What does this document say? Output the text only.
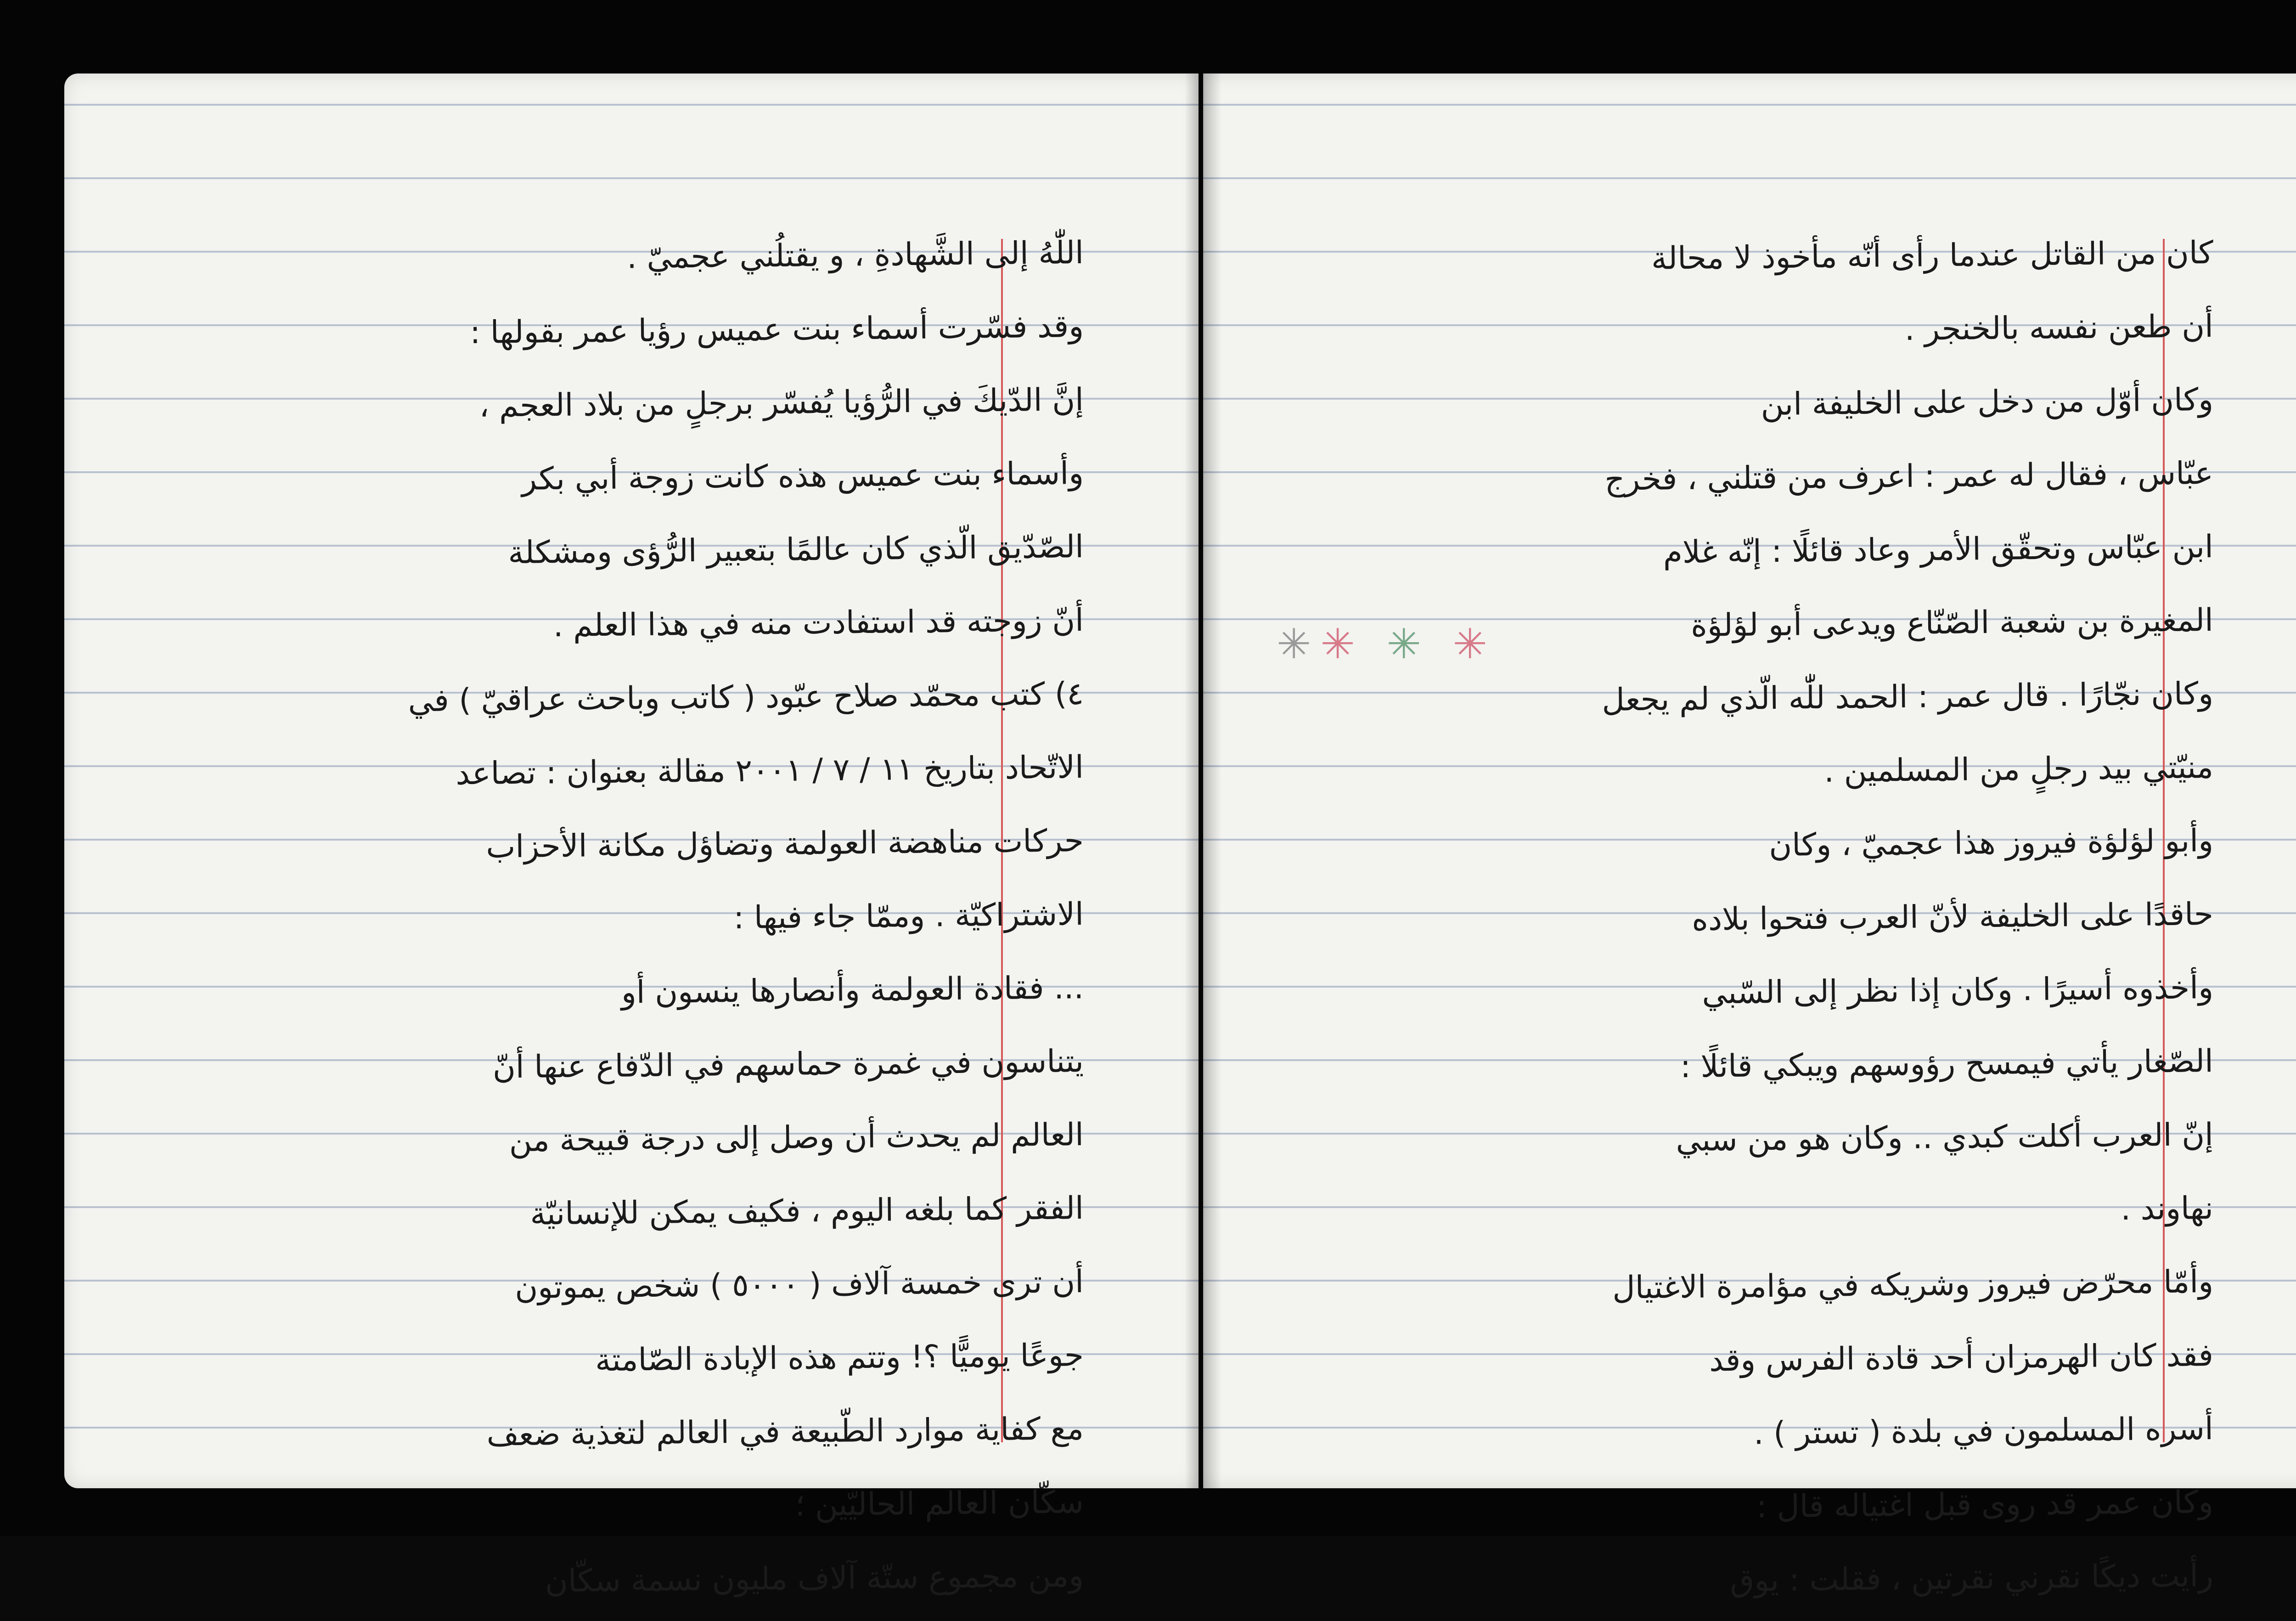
اللّٰهُ إلى الشَّهادةِ ، و يقتلُني عجميّ .
وقد فسّرت أسماء بنت عميس رؤيا عمر بقولها :
إنَّ الدّيكَ في الرُّؤيا يُفسّر برجلٍ من بلاد العجم ،
وأسماء بنت عميس هذه كانت زوجة أبي بكر
الصّدّيق الّذي كان عالمًا بتعبير الرُّؤى ومشكلة
أنّ زوجته قد استفادت منه في هذا العلم .
٤) كتب محمّد صلاح عبّود ( كاتب وباحث عراقيّ ) في
الاتّحاد بتاريخ ١١ / ٧ / ٢٠٠١ مقالة بعنوان : تصاعد
حركات مناهضة العولمة وتضاؤل مكانة الأحزاب
الاشتراكيّة . وممّا جاء فيها :
... فقادة العولمة وأنصارها ينسون أو
يتناسون في غمرة حماسهم في الدّفاع عنها أنّ
العالم لم يحدث أن وصل إلى درجة قبيحة من
الفقر كما بلغه اليوم ، فكيف يمكن للإنسانيّة
أن ترى خمسة آلاف ( ٥٠٠٠ ) شخص يموتون
جوعًا يوميًّا ؟! وتتم هذه الإبادة الصّامتة
مع كفاية موارد الطّبيعة في العالم لتغذية ضعف
سكّان العالم الحاليّين ؛
ومن مجموع ستّة آلاف مليون نسمة سكّان
كان من القاتل عندما رأى أنّه مأخوذ لا محالة
أن طعن نفسه بالخنجر .
وكان أوّل من دخل على الخليفة ابن
عبّاس ، فقال له عمر : اعرف من قتلني ، فخرج
ابن عبّاس وتحقّق الأمر وعاد قائلًا : إنّه غلام
المغيرة بن شعبة الصّنّاع ويدعى أبو لؤلؤة
وكان نجّارًا . قال عمر : الحمد للّٰه الّذي لم يجعل
منيّتي بيد رجلٍ من المسلمين .
وأبو لؤلؤة فيروز هذا عجميّ ، وكان
حاقدًا على الخليفة لأنّ العرب فتحوا بلاده
وأخذوه أسيرًا . وكان إذا نظر إلى السّبي
الصّغار يأتي فيمسح رؤوسهم ويبكي قائلًا :
إنّ العرب أكلت كبدي .. وكان هو من سبي
نهاوند .
وأمّا محرّض فيروز وشريكه في مؤامرة الاغتيال
فقد كان الهرمزان أحد قادة الفرس وقد
أسره المسلمون في بلدة ( تستر ) .
وكان عمر قد روى قبل اغتياله قال :
رأيت ديكًا نقرني نقرتين ، فقلت : يوق
✳✳ ✳ ✳
